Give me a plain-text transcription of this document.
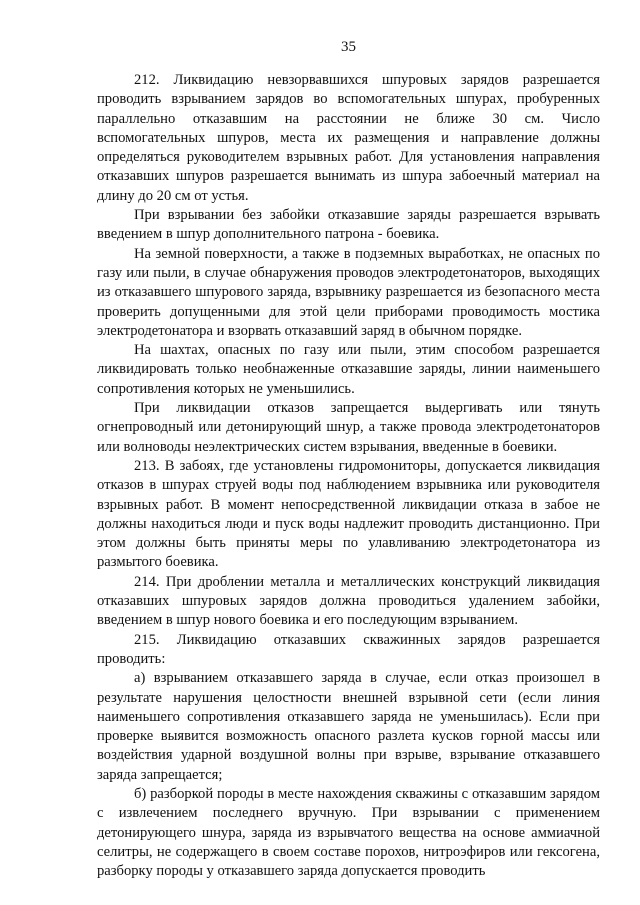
35

212. Ликвидацию невзорвавшихся шпуровых зарядов разрешается проводить взрыванием зарядов во вспомогательных шпурах, пробуренных параллельно отказавшим на расстоянии не ближе 30 см. Число вспомогательных шпуров, места их размещения и направление должны определяться руководителем взрывных работ. Для установления направления отказавших шпуров разрешается вынимать из шпура забоечный материал на длину до 20 см от устья.

При взрывании без забойки отказавшие заряды разрешается взрывать введением в шпур дополнительного патрона - боевика.

На земной поверхности, а также в подземных выработках, не опасных по газу или пыли, в случае обнаружения проводов электродетонаторов, выходящих из отказавшего шпурового заряда, взрывнику разрешается из безопасного места проверить допущенными для этой цели приборами проводимость мостика электродетонатора и взорвать отказавший заряд в обычном порядке.

На шахтах, опасных по газу или пыли, этим способом разрешается ликвидировать только необнаженные отказавшие заряды, линии наименьшего сопротивления которых не уменьшились.

При ликвидации отказов запрещается выдергивать или тянуть огнепроводный или детонирующий шнур, а также провода электродетонаторов или волноводы неэлектрических систем взрывания, введенные в боевики.

213. В забоях, где установлены гидромониторы, допускается ликвидация отказов в шпурах струей воды под наблюдением взрывника или руководителя взрывных работ. В момент непосредственной ликвидации отказа в забое не должны находиться люди и пуск воды надлежит проводить дистанционно. При этом должны быть приняты меры по улавливанию электродетонатора из размытого боевика.

214. При дроблении металла и металлических конструкций ликвидация отказавших шпуровых зарядов должна проводиться удалением забойки, введением в шпур нового боевика и его последующим взрыванием.

215. Ликвидацию отказавших скважинных зарядов разрешается проводить:

а) взрыванием отказавшего заряда в случае, если отказ произошел в результате нарушения целостности внешней взрывной сети (если линия наименьшего сопротивления отказавшего заряда не уменьшилась). Если при проверке выявится возможность опасного разлета кусков горной массы или воздействия ударной воздушной волны при взрыве, взрывание отказавшего заряда запрещается;

б) разборкой породы в месте нахождения скважины с отказавшим зарядом с извлечением последнего вручную. При взрывании с применением детонирующего шнура, заряда из взрывчатого вещества на основе аммиачной селитры, не содержащего в своем составе порохов, нитроэфиров или гексогена, разборку породы у отказавшего заряда допускается проводить
